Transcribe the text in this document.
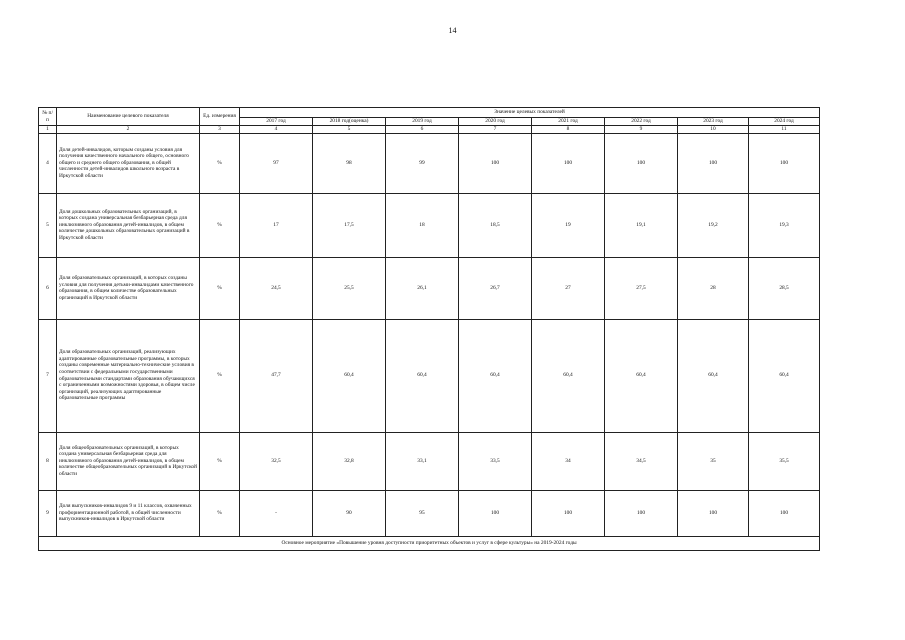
14
№ п/п	Наименование целевого показателя	Ед. измерения	Значение целевых показателей							
			2017 год	2018 год(оценка)	2019 год	2020 год	2021 год	2022 год	2023 год	2024 год
1	2	3	4	5	6	7	8	9	10	11
4	Доля детей-инвалидов, которым созданы условия для получения качественного начального общего, основного общего и среднего общего образования, в общей численности детей-инвалидов школьного возраста в Иркутской области	%	97	98	99	100	100	100	100	100
5	Доля дошкольных образовательных организаций, в которых создана универсальная безбарьерная среда для инклюзивного образования детей-инвалидов, в общем количестве дошкольных образовательных организаций в Иркутской области	%	17	17,5	18	18,5	19	19,1	19,2	19,3
6	Доля образовательных организаций, в которых созданы условия для получения детьми-инвалидами качественного образования, в общем количестве образовательных организаций в Иркутской области	%	24,5	25,5	26,1	26,7	27	27,5	28	28,5
7	Доля образовательных организаций, реализующих адаптированные образовательные программы, в которых созданы современные материально-технические условия в соответствии с федеральными государственными образовательными стандартами образования обучающихся с ограниченными возможностями здоровья, в общем числе организаций, реализующих адаптированные образовательные программы	%	47,7	60,4	60,4	60,4	60,4	60,4	60,4	60,4
8	Доля общеобразовательных организаций, в которых создана универсальная безбарьерная среда для инклюзивного образования детей-инвалидов, в общем количестве общеобразовательных организаций в Иркутской области	%	32,5	32,8	33,1	33,5	34	34,5	35	35,5
9	Доля выпускников-инвалидов 9 и 11 классов, охваченных профориентационной работой, в общей численности выпускников-инвалидов в Иркутской области	%	-	90	95	100	100	100	100	100
Основное мероприятие «Повышение уровня доступности приоритетных объектов и услуг в сфере культуры» на 2019-2024 годы										
